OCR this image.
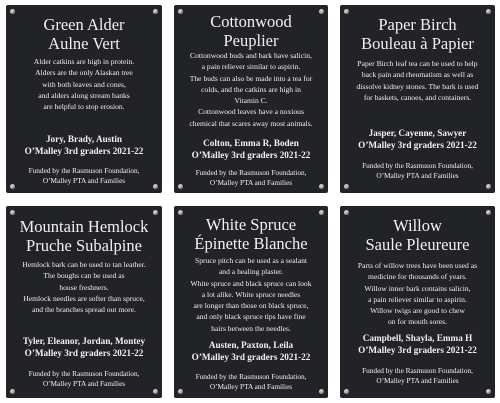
Green Alder
Aulne Vert
Alder catkins are high in protein.
Alders are the only Alaskan tree
with both leaves and cones,
and alders along stream banks
are helpful to stop erosion.
Jory, Brady, Austin
O’Malley 3rd graders 2021-22
Funded by the Rasmuson Foundation,
O’Malley PTA and Families
Cottonwood
Peuplier
Cottonwood buds and bark have salicin,
a pain reliever similar to aspirin.
The buds can also be made into a tea for
colds, and the catkins are high in
Vitamin C.
Cottonwood leaves have a noxious
chemical that scares away most animals.
Colton, Emma R, Boden
O’Malley 3rd graders 2021-22
Funded by the Rasmuson Foundation,
O’Malley PTA and Families
Paper Birch
Bouleau à Papier
Paper Birch leaf tea can be used to help
back pain and rheumatism as well as
dissolve kidney stones. The bark is used
for baskets, canoes, and containers.
Jasper, Cayenne, Sawyer
O’Malley 3rd graders 2021-22
Funded by the Rasmuson Foundation,
O’Malley PTA and Families
Mountain Hemlock
Pruche Subalpine
Hemlock bark can be used to tan leather.
The boughs can be used as
house freshners.
Hemlock needles are softer than spruce,
and the branches spread out more.
Tyler, Eleanor, Jordan, Montey
O’Malley 3rd graders 2021-22
Funded by the Rasmuson Foundation,
O’Malley PTA and Families
White Spruce
Épinette Blanche
Spruce pitch can be used as a sealant
and a healing plaster.
White spruce and black spruce can look
a lot alike. White spruce needles
are longer than those on black spruce,
and only black spruce tips have fine
hairs between the needles.
Austen, Paxton, Leila
O’Malley 3rd graders 2021-22
Funded by the Rasmuson Foundation,
O’Malley PTA and Families
Willow
Saule Pleureure
Parts of willow trees have been used as
medicine for thousands of years.
Willow inner bark contains salicin,
a pain reliever similar to aspirin.
Willow twigs are good to chew
on for mouth sores.
Campbell, Shayla, Emma H
O’Malley 3rd graders 2021-22
Funded by the Rasmuson Foundation,
O’Malley PTA and Families
